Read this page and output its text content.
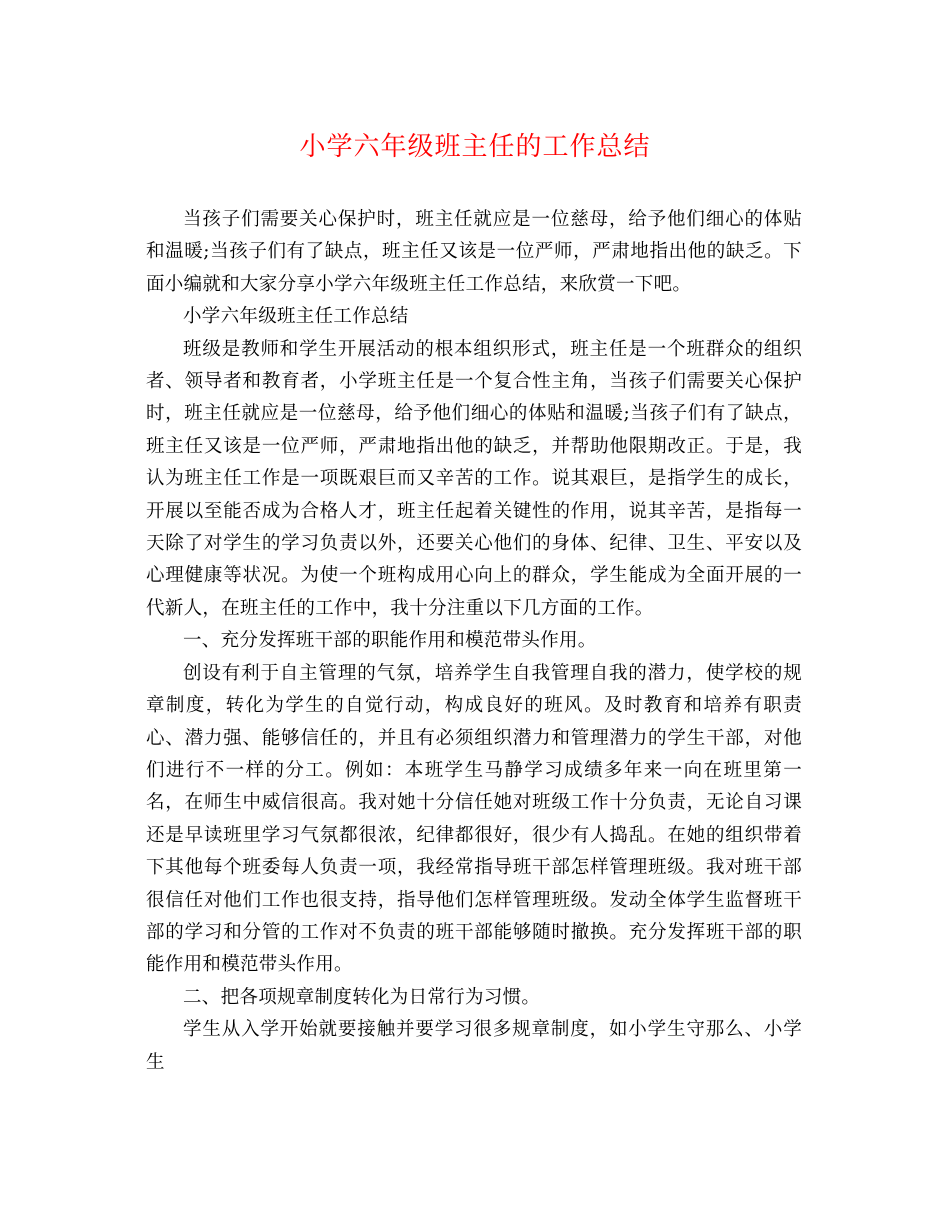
小学六年级班主任的工作总结

当孩子们需要关心保护时，班主任就应是一位慈母，给予他们细心的体贴和温暖;当孩子们有了缺点，班主任又该是一位严师，严肃地指出他的缺乏。下面小编就和大家分享小学六年级班主任工作总结，来欣赏一下吧。

小学六年级班主任工作总结

班级是教师和学生开展活动的根本组织形式，班主任是一个班群众的组织者、领导者和教育者，小学班主任是一个复合性主角，当孩子们需要关心保护时，班主任就应是一位慈母，给予他们细心的体贴和温暖;当孩子们有了缺点，班主任又该是一位严师，严肃地指出他的缺乏，并帮助他限期改正。于是，我认为班主任工作是一项既艰巨而又辛苦的工作。说其艰巨，是指学生的成长，开展以至能否成为合格人才，班主任起着关键性的作用，说其辛苦，是指每一天除了对学生的学习负责以外，还要关心他们的身体、纪律、卫生、平安以及心理健康等状况。为使一个班构成用心向上的群众，学生能成为全面开展的一代新人，在班主任的工作中，我十分注重以下几方面的工作。

一、充分发挥班干部的职能作用和模范带头作用。

创设有利于自主管理的气氛，培养学生自我管理自我的潜力，使学校的规章制度，转化为学生的自觉行动，构成良好的班风。及时教育和培养有职责心、潜力强、能够信任的，并且有必须组织潜力和管理潜力的学生干部，对他们进行不一样的分工。例如：本班学生马静学习成绩多年来一向在班里第一名，在师生中威信很高。我对她十分信任她对班级工作十分负责，无论自习课还是早读班里学习气氛都很浓，纪律都很好，很少有人捣乱。在她的组织带着下其他每个班委每人负责一项，我经常指导班干部怎样管理班级。我对班干部很信任对他们工作也很支持，指导他们怎样管理班级。发动全体学生监督班干部的学习和分管的工作对不负责的班干部能够随时撤换。充分发挥班干部的职能作用和模范带头作用。

二、把各项规章制度转化为日常行为习惯。

学生从入学开始就要接触并要学习很多规章制度，如小学生守那么、小学生
